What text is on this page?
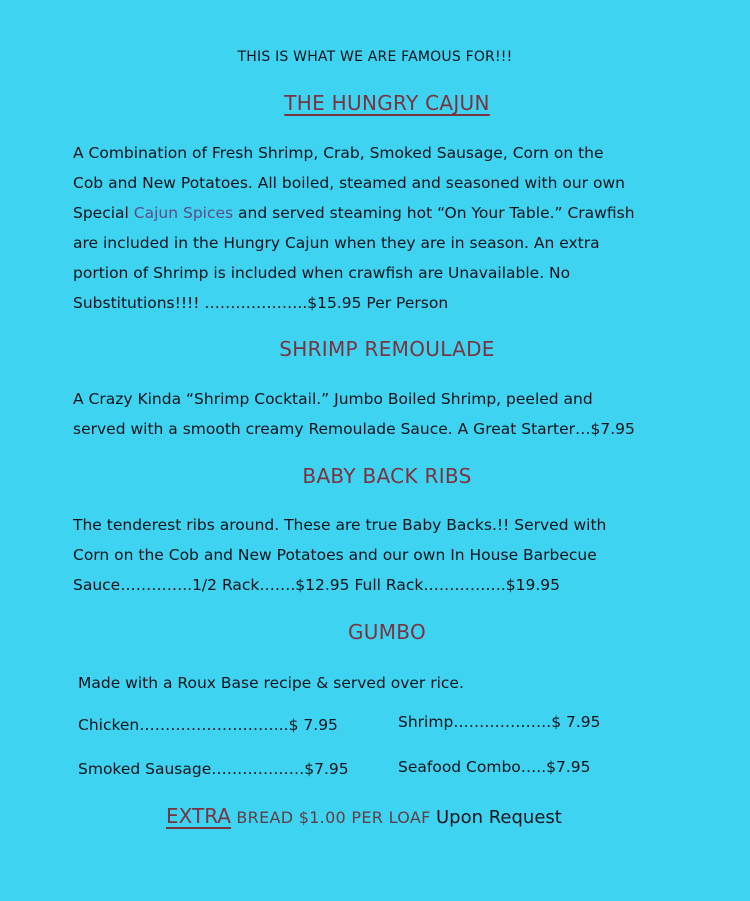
THIS IS WHAT WE ARE FAMOUS FOR!!!
THE HUNGRY CAJUN
A Combination of Fresh Shrimp, Crab, Smoked Sausage, Corn on the
Cob and New Potatoes. All boiled, steamed and seasoned with our own
Special Cajun Spices and served steaming hot “On Your Table.” Crawfish
are included in the Hungry Cajun when they are in season. An extra
portion of Shrimp is included when crawfish are Unavailable. No
Substitutions!!!! ………………..$15.95 Per Person
SHRIMP REMOULADE
A Crazy Kinda “Shrimp Cocktail.” Jumbo Boiled Shrimp, peeled and
served with a smooth creamy Remoulade Sauce. A Great Starter…$7.95
BABY BACK RIBS
The tenderest ribs around. These are true Baby Backs.!! Served with
Corn on the Cob and New Potatoes and our own In House Barbecue
Sauce…………..1/2 Rack…….$12.95 Full Rack…………….$19.95
GUMBO
Made with a Roux Base recipe & served over rice.
Chicken………………………..$ 7.95	Shrimp……………….$ 7.95
Smoked Sausage………………$7.95	Seafood Combo…..$7.95
EXTRA BREAD $1.00 PER LOAF Upon Request
